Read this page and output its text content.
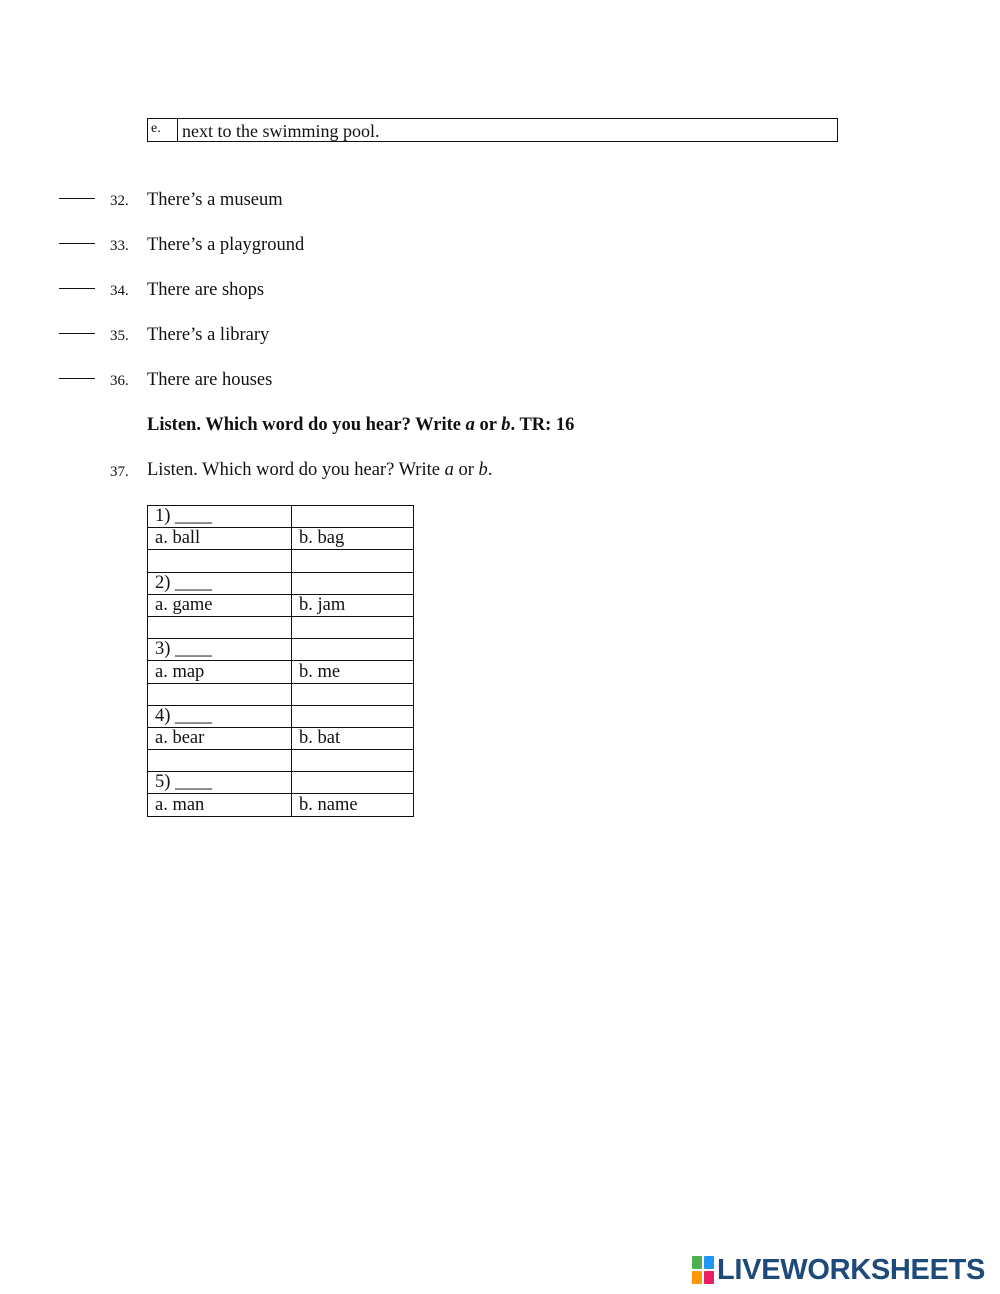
e.	next to the swimming pool.
32. There’s a museum
33. There’s a playground
34. There are shops
35. There’s a library
36. There are houses
Listen. Which word do you hear? Write a or b. TR: 16
37. Listen. Which word do you hear? Write a or b.
1) ____	
a. ball	b. bag

2) ____	
a. game	b. jam

3) ____	
a. map	b. me

4) ____	
a. bear	b. bat

5) ____	
a. man	b. name
LIVEWORKSHEETS
